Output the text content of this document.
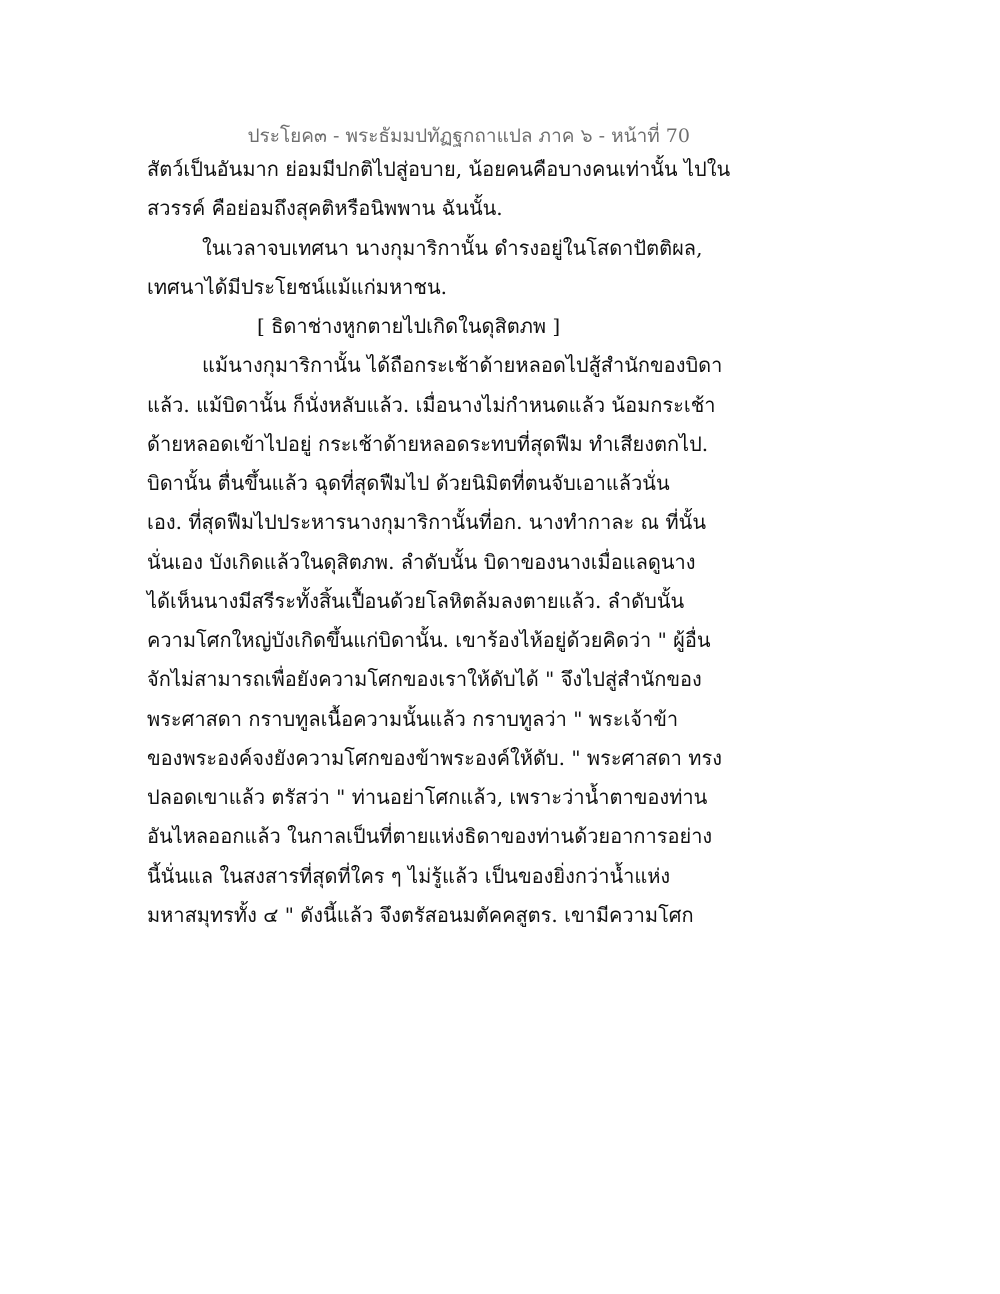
ประโยค๓ - พระธัมมปทัฏฐกถาแปล ภาค ๖ - หน้าที่ 70
สัตว์เป็นอันมาก ย่อมมีปกติไปสู่อบาย, น้อยคนคือบางคนเท่านั้น ไปใน
สวรรค์ คือย่อมถึงสุคติหรือนิพพาน ฉันนั้น.
ในเวลาจบเทศนา นางกุมาริกานั้น ดำรงอยู่ในโสดาปัตติผล,
เทศนาได้มีประโยชน์แม้แก่มหาชน.
[ ธิดาช่างหูกตายไปเกิดในดุสิตภพ ]
แม้นางกุมาริกานั้น ได้ถือกระเช้าด้ายหลอดไปสู้สำนักของบิดา
แล้ว. แม้บิดานั้น ก็นั่งหลับแล้ว. เมื่อนางไม่กำหนดแล้ว น้อมกระเช้า
ด้ายหลอดเข้าไปอยู่ กระเช้าด้ายหลอดระทบที่สุดฟืม ทำเสียงตกไป.
บิดานั้น ตื่นขึ้นแล้ว ฉุดที่สุดฟืมไป ด้วยนิมิตที่ตนจับเอาแล้วนั่น
เอง. ที่สุดฟืมไปประหารนางกุมาริกานั้นที่อก. นางทำกาละ ณ ที่นั้น
นั่นเอง บังเกิดแล้วในดุสิตภพ. ลำดับนั้น บิดาของนางเมื่อแลดูนาง
ได้เห็นนางมีสรีระทั้งสิ้นเปื้อนด้วยโลหิตล้มลงตายแล้ว. ลำดับนั้น
ความโศกใหญ่บังเกิดขึ้นแก่บิดานั้น. เขาร้องไห้อยู่ด้วยคิดว่า " ผู้อื่น
จักไม่สามารถเพื่อยังความโศกของเราให้ดับได้ " จึงไปสู่สำนักของ
พระศาสดา กราบทูลเนื้อความนั้นแล้ว กราบทูลว่า " พระเจ้าข้า
ของพระองค์จงยังความโศกของข้าพระองค์ให้ดับ. " พระศาสดา ทรง
ปลอดเขาแล้ว ตรัสว่า " ท่านอย่าโศกแล้ว, เพราะว่าน้ำตาของท่าน
อันไหลออกแล้ว ในกาลเป็นที่ตายแห่งธิดาของท่านด้วยอาการอย่าง
นี้นั่นแล ในสงสารที่สุดที่ใคร ๆ ไม่รู้แล้ว เป็นของยิ่งกว่าน้ำแห่ง
มหาสมุทรทั้ง ๔ " ดังนี้แล้ว จึงตรัสอนมตัคคสูตร. เขามีความโศก
